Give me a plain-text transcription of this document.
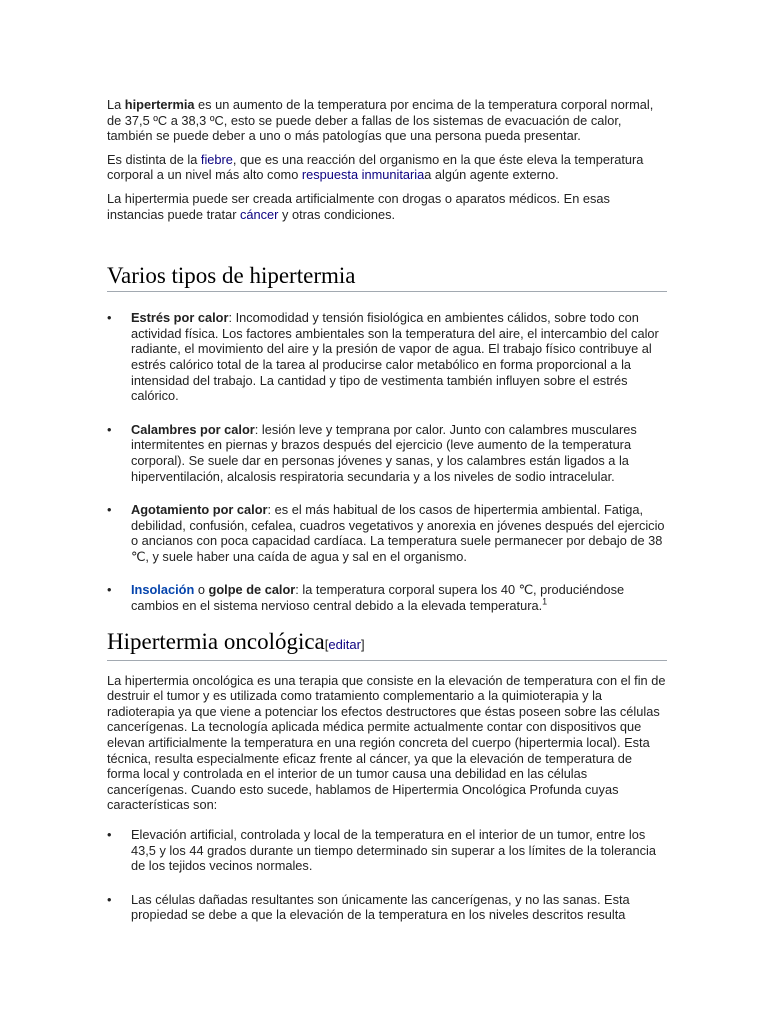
La hipertermia es un aumento de la temperatura por encima de la temperatura corporal normal, de 37,5 ºC a 38,3 ºC, esto se puede deber a fallas de los sistemas de evacuación de calor, también se puede deber a uno o más patologías que una persona pueda presentar.

Es distinta de la fiebre, que es una reacción del organismo en la que éste eleva la temperatura corporal a un nivel más alto como respuesta inmunitariaa algún agente externo.

La hipertermia puede ser creada artificialmente con drogas o aparatos médicos. En esas instancias puede tratar cáncer y otras condiciones.

Varios tipos de hipertermia
• Estrés por calor: Incomodidad y tensión fisiológica en ambientes cálidos, sobre todo con actividad física. Los factores ambientales son la temperatura del aire, el intercambio del calor radiante, el movimiento del aire y la presión de vapor de agua. El trabajo físico contribuye al estrés calórico total de la tarea al producirse calor metabólico en forma proporcional a la intensidad del trabajo. La cantidad y tipo de vestimenta también influyen sobre el estrés calórico.
• Calambres por calor: lesión leve y temprana por calor. Junto con calambres musculares intermitentes en piernas y brazos después del ejercicio (leve aumento de la temperatura corporal). Se suele dar en personas jóvenes y sanas, y los calambres están ligados a la hiperventilación, alcalosis respiratoria secundaria y a los niveles de sodio intracelular.
• Agotamiento por calor: es el más habitual de los casos de hipertermia ambiental. Fatiga, debilidad, confusión, cefalea, cuadros vegetativos y anorexia en jóvenes después del ejercicio o ancianos con poca capacidad cardíaca. La temperatura suele permanecer por debajo de 38 ℃, y suele haber una caída de agua y sal en el organismo.
• Insolación o golpe de calor: la temperatura corporal supera los 40 ℃, produciéndose cambios en el sistema nervioso central debido a la elevada temperatura.$^1$
Hipertermia oncológica[editar]

La hipertermia oncológica es una terapia que consiste en la elevación de temperatura con el fin de destruir el tumor y es utilizada como tratamiento complementario a la quimioterapia y la radioterapia ya que viene a potenciar los efectos destructores que éstas poseen sobre las células cancerígenas. La tecnología aplicada médica permite actualmente contar con dispositivos que elevan artificialmente la temperatura en una región concreta del cuerpo (hipertermia local). Esta técnica, resulta especialmente eficaz frente al cáncer, ya que la elevación de temperatura de forma local y controlada en el interior de un tumor causa una debilidad en las células cancerígenas. Cuando esto sucede, hablamos de Hipertermia Oncológica Profunda cuyas características son:

• Elevación artificial, controlada y local de la temperatura en el interior de un tumor, entre los 43,5 y los 44 grados durante un tiempo determinado sin superar a los límites de la tolerancia de los tejidos vecinos normales.
• Las células dañadas resultantes son únicamente las cancerígenas, y no las sanas. Esta propiedad se debe a que la elevación de la temperatura en los niveles descritos resulta
